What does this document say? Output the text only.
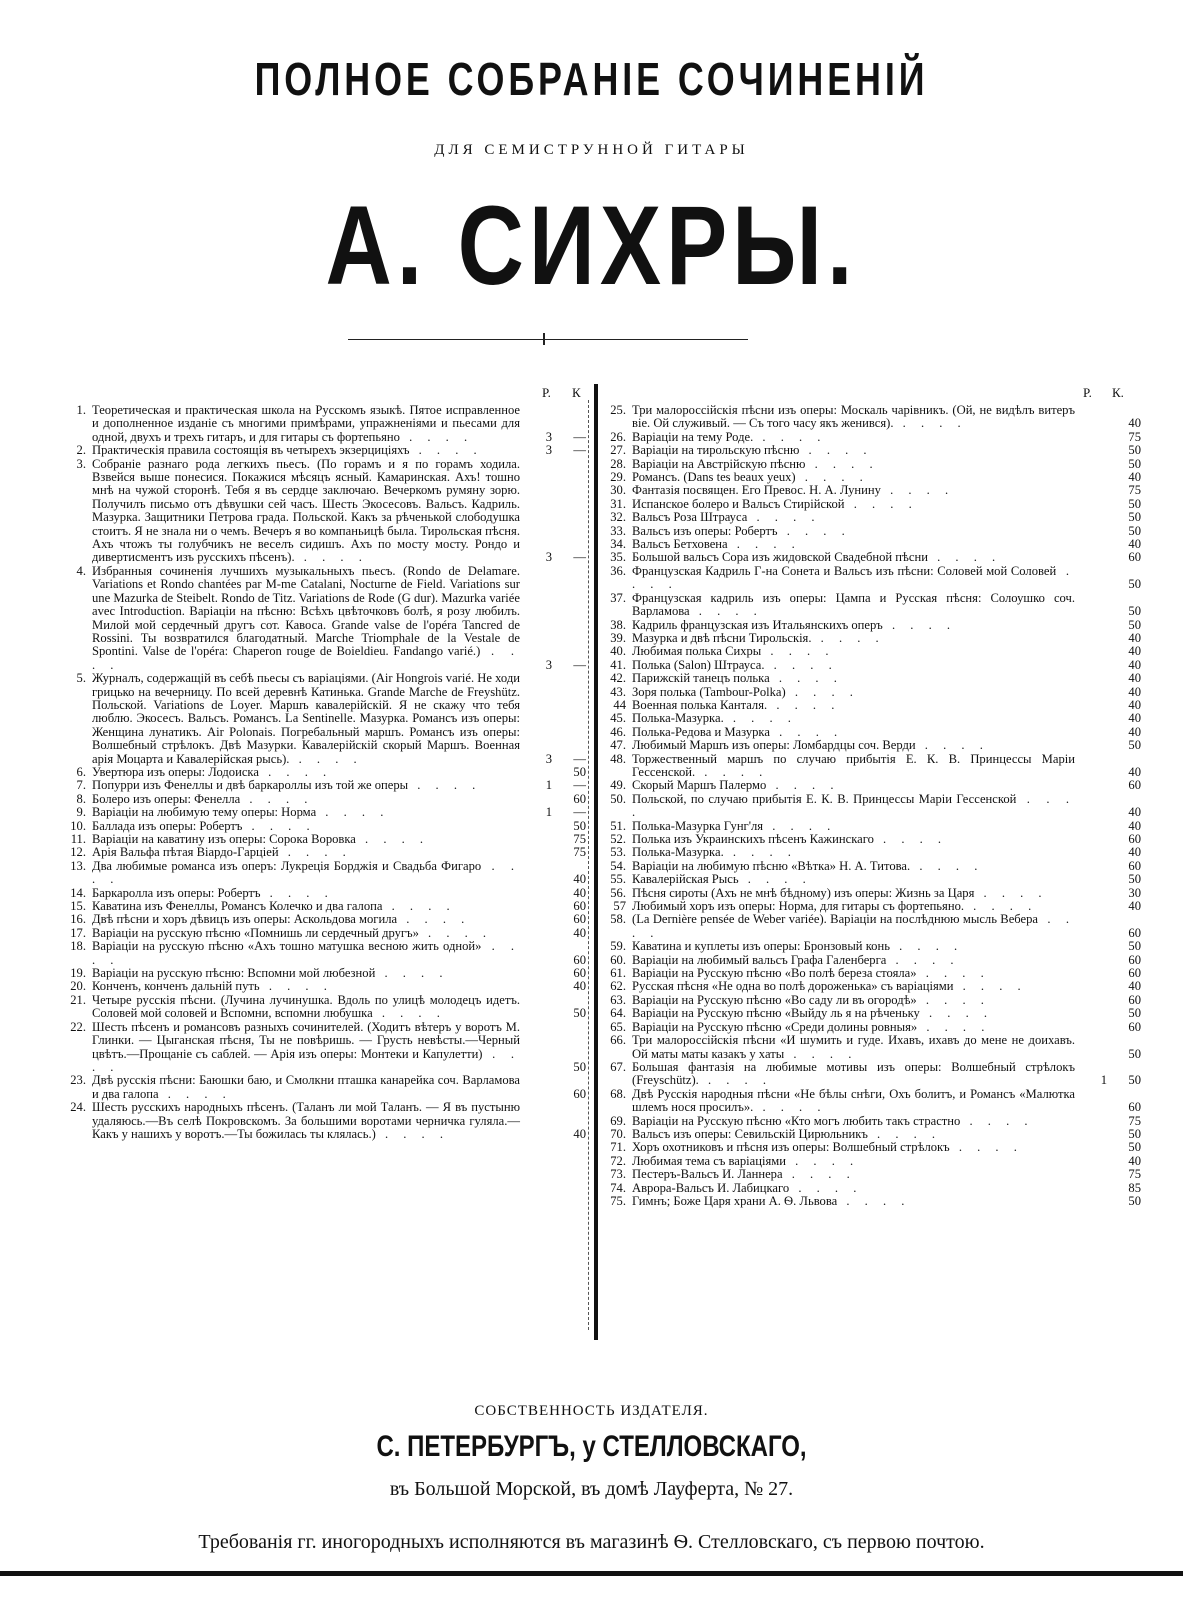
ПОЛНОЕ СОБРАНІЕ СОЧИНЕНІЙ
ДЛЯ СЕМИСТРУННОЙ ГИТАРЫ
А. СИХРЫ.
Р. К
1. Теоретическая и практическая школа на Русскомъ языкѣ. Пятое исправленное и дополненное изданіе съ многими примѣрами, упражненіями и пьесами для одной, двухъ и трехъ гитаръ, и для гитары съ фортепьяно . . . .	3	—
2. Практическія правила состоящія въ четырехъ экзерциціяхъ . . . .	3	—
3. Собраніе разнаго рода легкихъ пьесъ. (По горамъ и я по горамъ ходила. Взвейся выше понесися. Покажися мѣсяцъ ясный. Камаринская. Ахъ! тошно мнѣ на чужой сторонѣ. Тебя я въ сердце заключаю. Вечеркомъ румяну зорю. Получилъ письмо отъ дѣвушки сей часъ. Шесть Экосесовъ. Вальсъ. Кадриль. Мазурка. Защитники Петрова града. Польской. Какъ за рѣченькой слободушка стоитъ. Я не знала ни о чемъ. Вечеръ я во компаньицѣ была. Тирольская пѣсня. Ахъ чтожъ ты голубчикъ не веселъ сидишъ. Ахъ по мосту мосту. Рондо и дивертисментъ изъ русскихъ пѣсенъ). . . . .	3	—
4. Избранныя сочиненія лучшихъ музыкальныхъ пьесъ. (Rondo de Delamare. Variations et Rondo chantées par M-me Catalani, Nocturne de Field. Variations sur une Mazurka de Steibelt. Rondo de Titz. Variations de Rode (G dur). Mazurka variée avec Introduction. Варіаціи на пѣсню: Всѣхъ цвѣточковъ болѣ, я розу любилъ. Милой мой сердечный другъ сот. Кавоса. Grande valse de l'opéra Tancred de Rossini. Ты возвратился благодатный. Marche Triomphale de la Vestale de Spontini. Valse de l'opéra: Chaperon rouge de Boieldieu. Fandango varié.) . . . .	3	—
5. Журналъ, содержащій въ себѣ пьесы съ варіаціями. (Air Hongrois varié. Не ходи грицько на вечерницу. По всей деревнѣ Катинька. Grande Marche de Freyshütz. Польской. Variations de Loyer. Маршъ кавалерійскій. Я не скажу что тебя люблю. Экосесъ. Вальсъ. Романсъ. La Sentinelle. Мазурка. Романсъ изъ оперы: Женщина лунатикъ. Air Polonais. Погребальный маршъ. Романсъ изъ оперы: Волшебный стрѣлокъ. Двѣ Мазурки. Кавалерійскій скорый Маршъ. Военная арія Моцарта и Кавалерійская рысь). . . . .	3	—
6. Увертюра изъ оперы: Лодоиска . . . .	50
7. Попурри изъ Фенеллы и двѣ баркароллы изъ той же оперы . . . .	1	—
8. Болеро изъ оперы: Фенелла . . . .	60
9. Варіаціи на любимую тему оперы: Норма . . . .	1	—
10. Баллада изъ оперы: Робертъ . . . .	50
11. Варіаціи на каватину изъ оперы: Сорока Воровка . . . .	75
12. Арія Вальфа пѣтая Віардо-Гарціей . . . .	75
13. Два любимые романса изъ оперъ: Лукреція Борджія и Свадьба Фигаро . . . .	40
14. Баркаролла изъ оперы: Робертъ . . . .	40
15. Каватина изъ Фенеллы, Романсъ Колечко и два галопа . . . .	60
16. Двѣ пѣсни и хоръ дѣвицъ изъ оперы: Аскольдова могила . . . .	60
17. Варіаціи на русскую пѣсню «Помнишь ли сердечный другъ» . . . .	40
18. Варіаціи на русскую пѣсню «Ахъ тошно матушка весною жить одной» . . . .	60
19. Варіаціи на русскую пѣсню: Вспомни мой любезной . . . .	60
20. Конченъ, конченъ дальній путь . . . .	40
21. Четыре русскія пѣсни. (Лучина лучинушка. Вдоль по улицѣ молодецъ идетъ. Соловей мой соловей и Вспомни, вспомни любушка . . . .	50
22. Шесть пѣсенъ и романсовъ разныхъ сочинителей. (Ходитъ вѣтеръ у воротъ М. Глинки. — Цыганская пѣсня, Ты не повѣришь. — Грусть невѣсты.—Черный цвѣтъ.—Прощаніе съ саблей. — Арія изъ оперы: Монтеки и Капулетти) . . . .	50
23. Двѣ русскія пѣсни: Баюшки баю, и Смолкни пташка канарейка соч. Варламова и два галопа . . . .	60
24. Шесть русскихъ народныхъ пѣсенъ. (Таланъ ли мой Таланъ. — Я въ пустыню удаляюсь.—Въ селѣ Покровскомъ. За большими воротами черничка гуляла.—Какъ у нашихъ у воротъ.—Ты божилась ты клялась.) . . . .	40
Р. К.
25. Три малороссійскія пѣсни изъ оперы: Москаль чарівникъ. (Ой, не видѣлъ витеръ віе. Ой служивый. — Съ того часу якъ женився). . . . .	40
26. Варіаціи на тему Роде. . . . .	75
27. Варіаціи на тирольскую пѣсню . . . .	50
28. Варіаціи на Австрійскую пѣсню . . . .	50
29. Романсъ. (Dans tes beaux yeux) . . . .	40
30. Фантазія посвящен. Его Превос. Н. А. Лунину . . . .	75
31. Испанское болеро и Вальсъ Стирійской . . . .	50
32. Вальсъ Роза Штрауса . . . .	50
33. Вальсъ изъ оперы: Робертъ . . . .	50
34. Вальсъ Бетховена . . . .	40
35. Большой вальсъ Сора изъ жидовской Свадебной пѣсни . . . .	60
36. Французская Кадриль Г-на Сонета и Вальсъ изъ пѣсни: Соловей мой Соловей . . . .	50
37. Французская кадриль изъ оперы: Цампа и Русская пѣсня: Солоушко соч. Варламова . . . .	50
38. Кадриль французская изъ Итальянскихъ оперъ . . . .	50
39. Мазурка и двѣ пѣсни Тирольскія. . . . .	40
40. Любимая полька Сихры . . . .	40
41. Полька (Salon) Штрауса. . . . .	40
42. Парижскій танецъ полька . . . .	40
43. Зоря полька (Tambour-Polka) . . . .	40
44 Военная полька Канталя. . . . .	40
45. Полька-Мазурка. . . . .	40
46. Полька-Редова и Мазурка . . . .	40
47. Любимый Маршъ изъ оперы: Ломбардцы соч. Верди . . . .	50
48. Торжественный маршъ по случаю прибытія Е. К. В. Принцессы Маріи Гессенской. . . . .	40
49. Скорый Маршъ Палермо . . . .	60
50. Польской, по случаю прибытія Е. К. В. Принцессы Маріи Гессенской . . . .	40
51. Полька-Мазурка Гунг'ля . . . .	40
52. Полька изъ Украинскихъ пѣсенъ Кажинскаго . . . .	60
53. Полька-Мазурка. . . . .	40
54. Варіаціи на любимую пѣсню «Вѣтка» Н. А. Титова. . . . .	60
55. Кавалерійская Рысь . . . .	50
56. Пѣсня сироты (Ахъ не мнѣ бѣдному) изъ оперы: Жизнь за Царя . . . .	30
57 Любимый хоръ изъ оперы: Норма, для гитары съ фортепьяно. . . . .	40
58. (La Dernière pensée de Weber variée). Варіаціи на послѣднюю мысль Вебера . . . .	60
59. Каватина и куплеты изъ оперы: Бронзовый конь . . . .	50
60. Варіаціи на любимый вальсъ Графа Галенберга . . . .	60
61. Варіаціи на Русскую пѣсню «Во полѣ береза стояла» . . . .	60
62. Русская пѣсня «Не одна во полѣ дороженька» съ варіаціями . . . .	40
63. Варіаціи на Русскую пѣсню «Во саду ли въ огородѣ» . . . .	60
64. Варіаціи на Русскую пѣсню «Выйду ль я на рѣченьку . . . .	50
65. Варіаціи на Русскую пѣсню «Среди долины ровныя» . . . .	60
66. Три малороссійскія пѣсни «И шумить и гуде. Ихавъ, ихавъ до мене не доихавъ. Ой маты маты казакъ у хаты . . . .	50
67. Большая фантазія на любимые мотивы изъ оперы: Волшебный стрѣлокъ (Freyschütz). . . . .	1	50
68. Двѣ Русскія народныя пѣсни «Не бѣлы снѣги, Охъ болитъ, и Романсъ «Малютка шлемъ нося просилъ». . . . .	60
69. Варіаціи на Русскую пѣсню «Кто могъ любить такъ страстно . . . .	75
70. Вальсъ изъ оперы: Севильскій Цирюльникъ . . . .	50
71. Хоръ охотниковъ и пѣсня изъ оперы: Волшебный стрѣлокъ . . . .	50
72. Любимая тема съ варіаціями . . . .	40
73. Пестеръ-Вальсъ И. Ланнера . . . .	75
74. Аврора-Вальсъ И. Лабицкаго . . . .	85
75. Гимнъ; Боже Царя храни А. Ѳ. Львова . . . .	50
СОБСТВЕННОСТЬ ИЗДАТЕЛЯ.
С. ПЕТЕРБУРГЪ, у СТЕЛЛОВСКАГО,
въ Большой Морской, въ домѣ Лауферта, № 27.
Требованія гг. иногородныхъ исполняются въ магазинѣ Ѳ. Стелловскаго, съ первою почтою.
